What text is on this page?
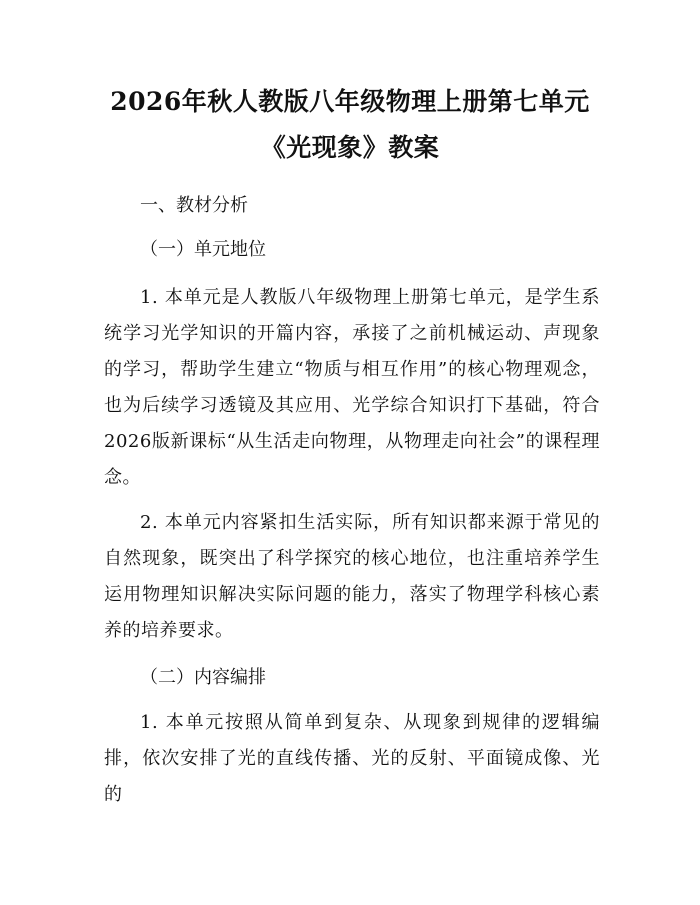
2026年秋人教版八年级物理上册第七单元
《光现象》教案
一、教材分析
（一）单元地位
1. 本单元是人教版八年级物理上册第七单元，是学生系统学习光学知识的开篇内容，承接了之前机械运动、声现象的学习，帮助学生建立“物质与相互作用”的核心物理观念，也为后续学习透镜及其应用、光学综合知识打下基础，符合2026版新课标“从生活走向物理，从物理走向社会”的课程理念。
2. 本单元内容紧扣生活实际，所有知识都来源于常见的自然现象，既突出了科学探究的核心地位，也注重培养学生运用物理知识解决实际问题的能力，落实了物理学科核心素养的培养要求。
（二）内容编排
1. 本单元按照从简单到复杂、从现象到规律的逻辑编排，依次安排了光的直线传播、光的反射、平面镜成像、光的
